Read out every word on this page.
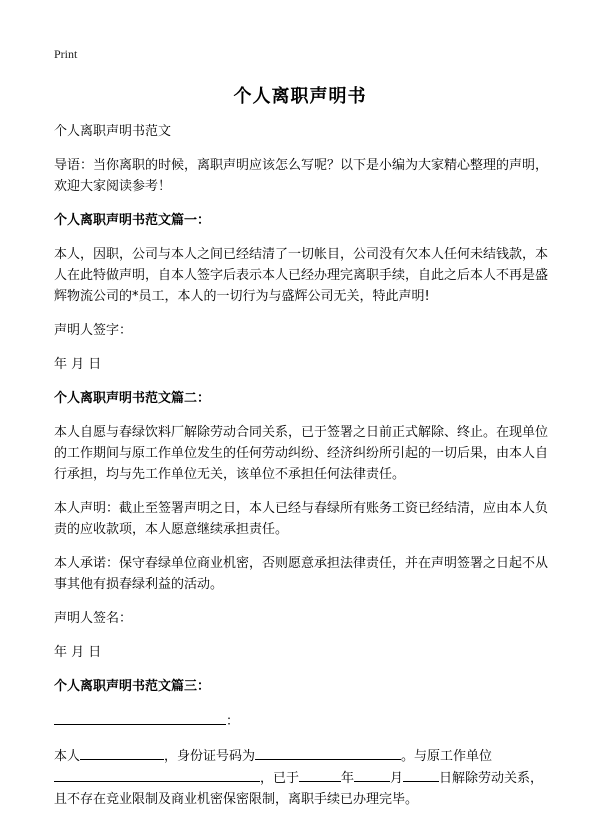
Print
个人离职声明书

个人离职声明书范文

导语：当你离职的时候，离职声明应该怎么写呢？以下是小编为大家精心整理的声明，欢迎大家阅读参考！

个人离职声明书范文篇一：

本人，因职，公司与本人之间已经结清了一切帐目，公司没有欠本人任何未结钱款，本人在此特做声明，自本人签字后表示本人已经办理完离职手续，自此之后本人不再是盛辉物流公司的*员工，本人的一切行为与盛辉公司无关，特此声明!

声明人签字：

年 月 日

个人离职声明书范文篇二：

本人自愿与春绿饮料厂解除劳动合同关系，已于签署之日前正式解除、终止。在现单位的工作期间与原工作单位发生的任何劳动纠纷、经济纠纷所引起的一切后果，由本人自行承担，均与先工作单位无关，该单位不承担任何法律责任。

本人声明：截止至签署声明之日，本人已经与春绿所有账务工资已经结清，应由本人负责的应收款项，本人愿意继续承担责任。

本人承诺：保守春绿单位商业机密，否则愿意承担法律责任，并在声明签署之日起不从事其他有损春绿利益的活动。

声明人签名：

年 月 日

个人离职声明书范文篇三：

：

本人	，身份证号码为	。与原工作单位
，已于	年	月	日解除劳动关系，且不存在竞业限制及商业机密保密限制，离职手续已办理完毕。
